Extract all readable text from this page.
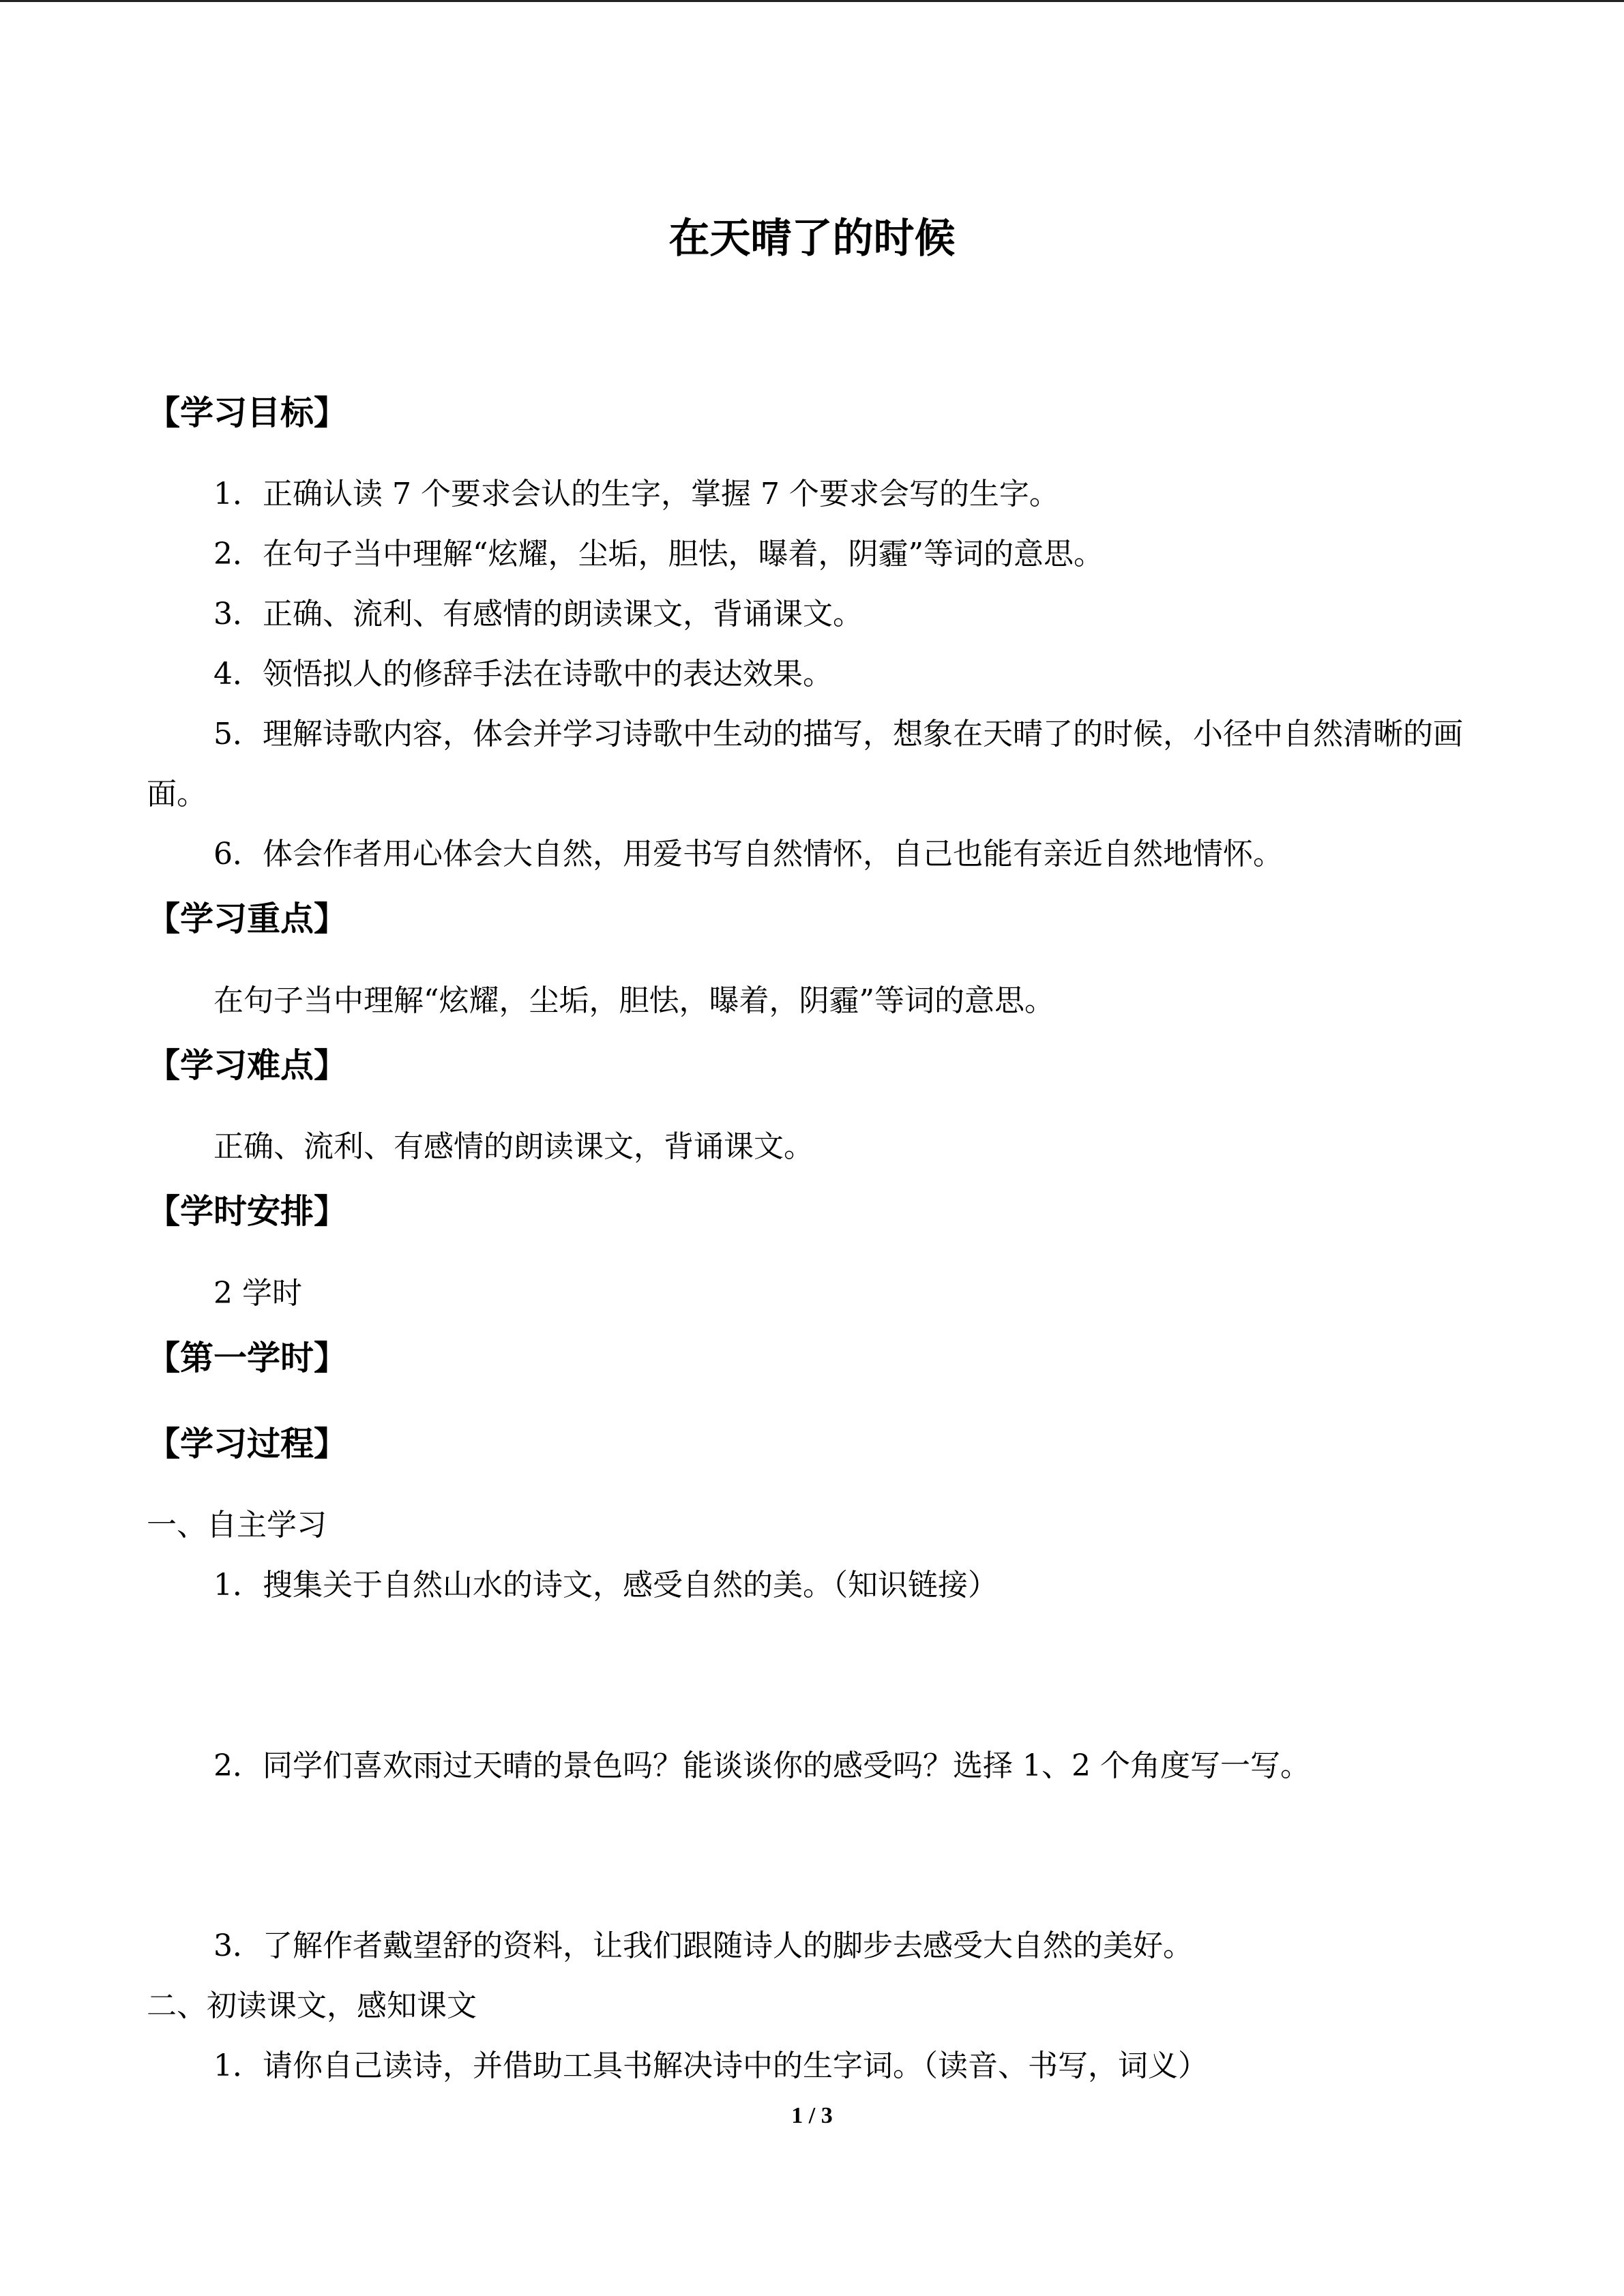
在天晴了的时候
【学习目标】
1．正确认读 7 个要求会认的生字，掌握 7 个要求会写的生字。
2．在句子当中理解“炫耀，尘垢，胆怯，曝着，阴霾”等词的意思。
3．正确、流利、有感情的朗读课文，背诵课文。
4．领悟拟人的修辞手法在诗歌中的表达效果。
5．理解诗歌内容，体会并学习诗歌中生动的描写，想象在天晴了的时候，小径中自然清晰的画面。
6．体会作者用心体会大自然，用爱书写自然情怀，自己也能有亲近自然地情怀。
【学习重点】
在句子当中理解“炫耀，尘垢，胆怯，曝着，阴霾”等词的意思。
【学习难点】
正确、流利、有感情的朗读课文，背诵课文。
【学时安排】
2 学时
【第一学时】
【学习过程】
一、自主学习
1．搜集关于自然山水的诗文，感受自然的美。（知识链接）
2．同学们喜欢雨过天晴的景色吗？能谈谈你的感受吗？选择 1、2 个角度写一写。
3．了解作者戴望舒的资料，让我们跟随诗人的脚步去感受大自然的美好。
二、初读课文，感知课文
1．请你自己读诗，并借助工具书解决诗中的生字词。（读音、书写，词义）
1 / 3
